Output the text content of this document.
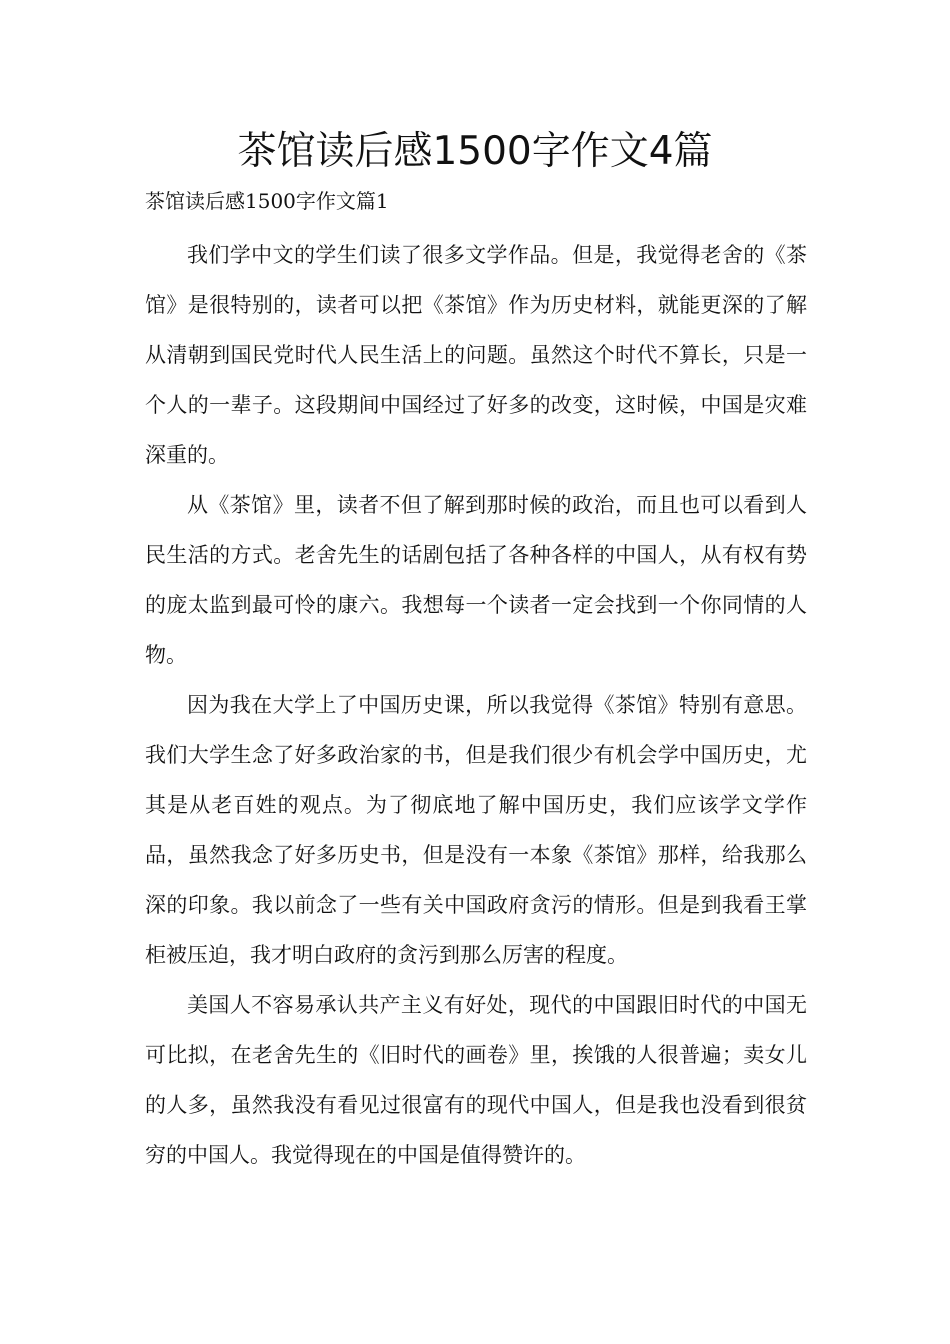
茶馆读后感1500字作文4篇
茶馆读后感1500字作文篇1

我们学中文的学生们读了很多文学作品。但是，我觉得老舍的《茶馆》是很特别的，读者可以把《茶馆》作为历史材料，就能更深的了解从清朝到国民党时代人民生活上的问题。虽然这个时代不算长，只是一个人的一辈子。这段期间中国经过了好多的改变，这时候，中国是灾难深重的。

从《茶馆》里，读者不但了解到那时候的政治，而且也可以看到人民生活的方式。老舍先生的话剧包括了各种各样的中国人，从有权有势的庞太监到最可怜的康六。我想每一个读者一定会找到一个你同情的人物。

因为我在大学上了中国历史课，所以我觉得《茶馆》特别有意思。我们大学生念了好多政治家的书，但是我们很少有机会学中国历史，尤其是从老百姓的观点。为了彻底地了解中国历史，我们应该学文学作品，虽然我念了好多历史书，但是没有一本象《茶馆》那样，给我那么深的印象。我以前念了一些有关中国政府贪污的情形。但是到我看王掌柜被压迫，我才明白政府的贪污到那么厉害的程度。

美国人不容易承认共产主义有好处，现代的中国跟旧时代的中国无可比拟，在老舍先生的《旧时代的画卷》里，挨饿的人很普遍；卖女儿的人多，虽然我没有看见过很富有的现代中国人，但是我也没看到很贫穷的中国人。我觉得现在的中国是值得赞许的。
